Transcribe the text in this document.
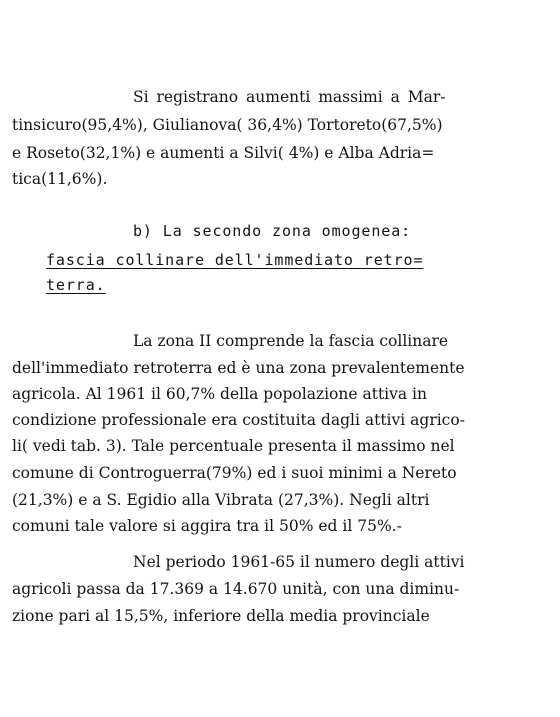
Si registrano aumenti massimi a Mar-
tinsicuro(95,4%), Giulianova( 36,4%) Tortoreto(67,5%)
e Roseto(32,1%) e aumenti a Silvi( 4%) e Alba Adria=
tica(11,6%).
b) La secondo zona omogenea:
fascia collinare dell'immediato retro=
terra.
La zona II comprende la fascia collinare
dell'immediato retroterra ed è una zona prevalentemente
agricola. Al 1961 il 60,7% della popolazione attiva in
condizione professionale era costituita dagli attivi agrico-
li( vedi tab. 3). Tale percentuale presenta il massimo nel
comune di Controguerra(79%) ed i suoi minimi a Nereto
(21,3%) e a S. Egidio alla Vibrata (27,3%). Negli altri
comuni tale valore si aggira tra il 50% ed il 75%.-
Nel periodo 1961-65 il numero degli attivi
agricoli passa da 17.369 a 14.670 unità, con una diminu-
zione pari al 15,5%, inferiore della media provinciale
